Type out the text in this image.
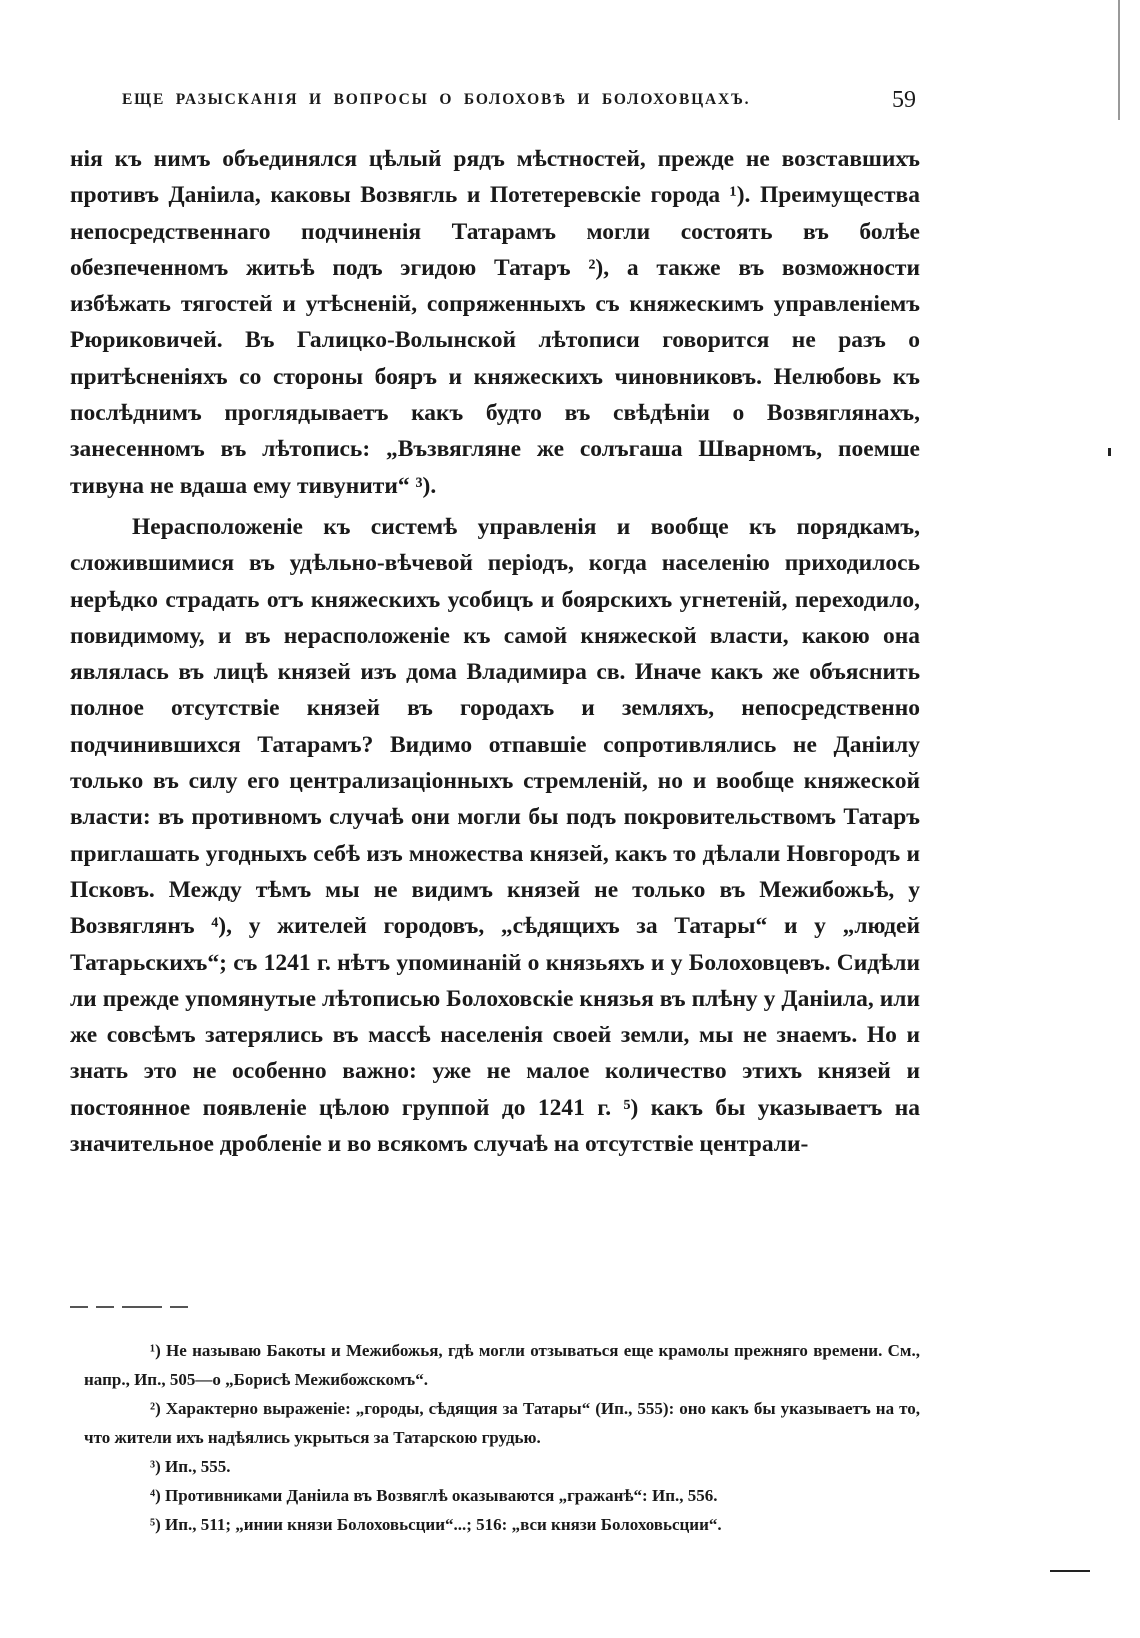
ЕЩЕ РАЗЫСКАНІЯ И ВОПРОСЫ О БОЛОХОВѢ И БОЛОХОВЦАХЪ.	59

нія къ нимъ объединялся цѣлый рядъ мѣстностей, прежде не возставшихъ противъ Даніила, каковы Возвягль и Потетеревскіе города ¹). Преимущества непосредственнаго подчиненія Татарамъ могли состоять въ болѣе обезпеченномъ житьѣ подъ эгидою Татаръ ²), а также въ возможности избѣжать тягостей и утѣсненій, сопряженныхъ съ княжескимъ управленіемъ Рюриковичей. Въ Галицко-Волынской лѣтописи говорится не разъ о притѣсненіяхъ со стороны бояръ и княжескихъ чиновниковъ. Нелюбовь къ послѣднимъ проглядываетъ какъ будто въ свѣдѣніи о Возвяглянахъ, занесенномъ въ лѣтопись: „Възвягляне же солъгаша Шварномъ, поемше тивуна не вдаша ему тивунити“ ³).

Нерасположеніе къ системѣ управленія и вообще къ порядкамъ, сложившимися въ удѣльно-вѣчевой періодъ, когда населенію приходилось нерѣдко страдать отъ княжескихъ усобицъ и боярскихъ угнетеній, переходило, повидимому, и въ нерасположеніе къ самой княжеской власти, какою она являлась въ лицѣ князей изъ дома Владимира св. Иначе какъ же объяснить полное отсутствіе князей въ городахъ и земляхъ, непосредственно подчинившихся Татарамъ? Видимо отпавшіе сопротивлялись не Даніилу только въ силу его централизаціонныхъ стремленій, но и вообще княжеской власти: въ противномъ случаѣ они могли бы подъ покровительствомъ Татаръ приглашать угодныхъ себѣ изъ множества князей, какъ то дѣлали Новгородъ и Псковъ. Между тѣмъ мы не видимъ князей не только въ Межибожьѣ, у Возвяглянъ ⁴), у жителей городовъ, „сѣдящихъ за Татары“ и у „людей Татарьскихъ“; съ 1241 г. нѣтъ упоминаній о князьяхъ и у Болоховцевъ. Сидѣли ли прежде упомянутые лѣтописью Болоховскіе князья въ плѣну у Даніила, или же совсѣмъ затерялись въ массѣ населенія своей земли, мы не знаемъ. Но и знать это не особенно важно: уже не малое количество этихъ князей и постоянное появленіе цѣлою группой до 1241 г. ⁵) какъ бы указываетъ на значительное дробленіе и во всякомъ случаѣ на отсутствіе централи-

¹) Не называю Бакоты и Межибожья, гдѣ могли отзываться еще крамолы прежняго времени. См., напр., Ип., 505—о „Борисѣ Межибожскомъ“.

²) Характерно выраженіе: „городы, сѣдящия за Татары“ (Ип., 555): оно какъ бы указываетъ на то, что жители ихъ надѣялись укрыться за Татарскою грудью.

³) Ип., 555.

⁴) Противниками Даніила въ Возвяглѣ оказываются „гражанѣ“: Ип., 556.

⁵) Ип., 511; „инии князи Болоховьсции“...; 516: „вси князи Болоховьсции“.
